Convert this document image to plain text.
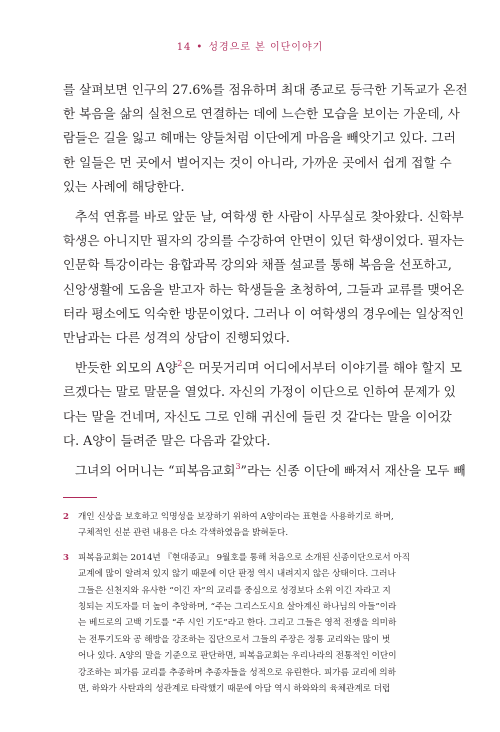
14 • 성경으로 본 이단이야기
를 살펴보면 인구의 27.6%를 점유하며 최대 종교로 등극한 기독교가 온전
한 복음을 삶의 실천으로 연결하는 데에 느슨한 모습을 보이는 가운데, 사
람들은 길을 잃고 헤매는 양들처럼 이단에게 마음을 빼앗기고 있다. 그러
한 일들은 먼 곳에서 벌어지는 것이 아니라, 가까운 곳에서 쉽게 접할 수
있는 사례에 해당한다.
추석 연휴를 바로 앞둔 날, 여학생 한 사람이 사무실로 찾아왔다. 신학부
학생은 아니지만 필자의 강의를 수강하여 안면이 있던 학생이었다. 필자는
인문학 특강이라는 융합과목 강의와 채플 설교를 통해 복음을 선포하고,
신앙생활에 도움을 받고자 하는 학생들을 초청하여, 그들과 교류를 맺어온
터라 평소에도 익숙한 방문이었다. 그러나 이 여학생의 경우에는 일상적인
만남과는 다른 성격의 상담이 진행되었다.
반듯한 외모의 A양$^2$은 머뭇거리며 어디에서부터 이야기를 해야 할지 모
르겠다는 말로 말문을 열었다. 자신의 가정이 이단으로 인하여 문제가 있
다는 말을 건네며, 자신도 그로 인해 귀신에 들린 것 같다는 말을 이어갔
다. A양이 들려준 말은 다음과 같았다.
그녀의 어머니는 “피복음교회$^3$”라는 신종 이단에 빠져서 재산을 모두 빼
2	개인 신상을 보호하고 익명성을 보장하기 위하여 A양이라는 표현을 사용하기로 하며,
구체적인 신분 관련 내용은 다소 각색하였음을 밝혀둔다.
3	피복음교회는 2014년 『현대종교』 9월호를 통해 처음으로 소개된 신종이단으로서 아직
교계에 많이 알려져 있지 않기 때문에 이단 판정 역시 내려지지 않은 상태이다. 그러나
그들은 신천지와 유사한 “이긴 자”의 교리를 중심으로 성경보다 소위 이긴 자라고 지
칭되는 지도자를 더 높이 추앙하며, “주는 그리스도시요 살아계신 하나님의 아들”이라
는 베드로의 고백 기도를 “주 시인 기도”라고 한다. 그리고 그들은 영적 전쟁을 의미하
는 전투기도와 공 해방을 강조하는 집단으로서 그들의 주장은 정통 교리와는 많이 벗
어나 있다. A양의 말을 기준으로 판단하면, 피복음교회는 우리나라의 전통적인 이단이
강조하는 피가름 교리를 추종하며 추종자들을 성적으로 유린한다. 피가름 교리에 의하
면, 하와가 사탄과의 성관계로 타락했기 때문에 아담 역시 하와와의 육체관계로 더럽
